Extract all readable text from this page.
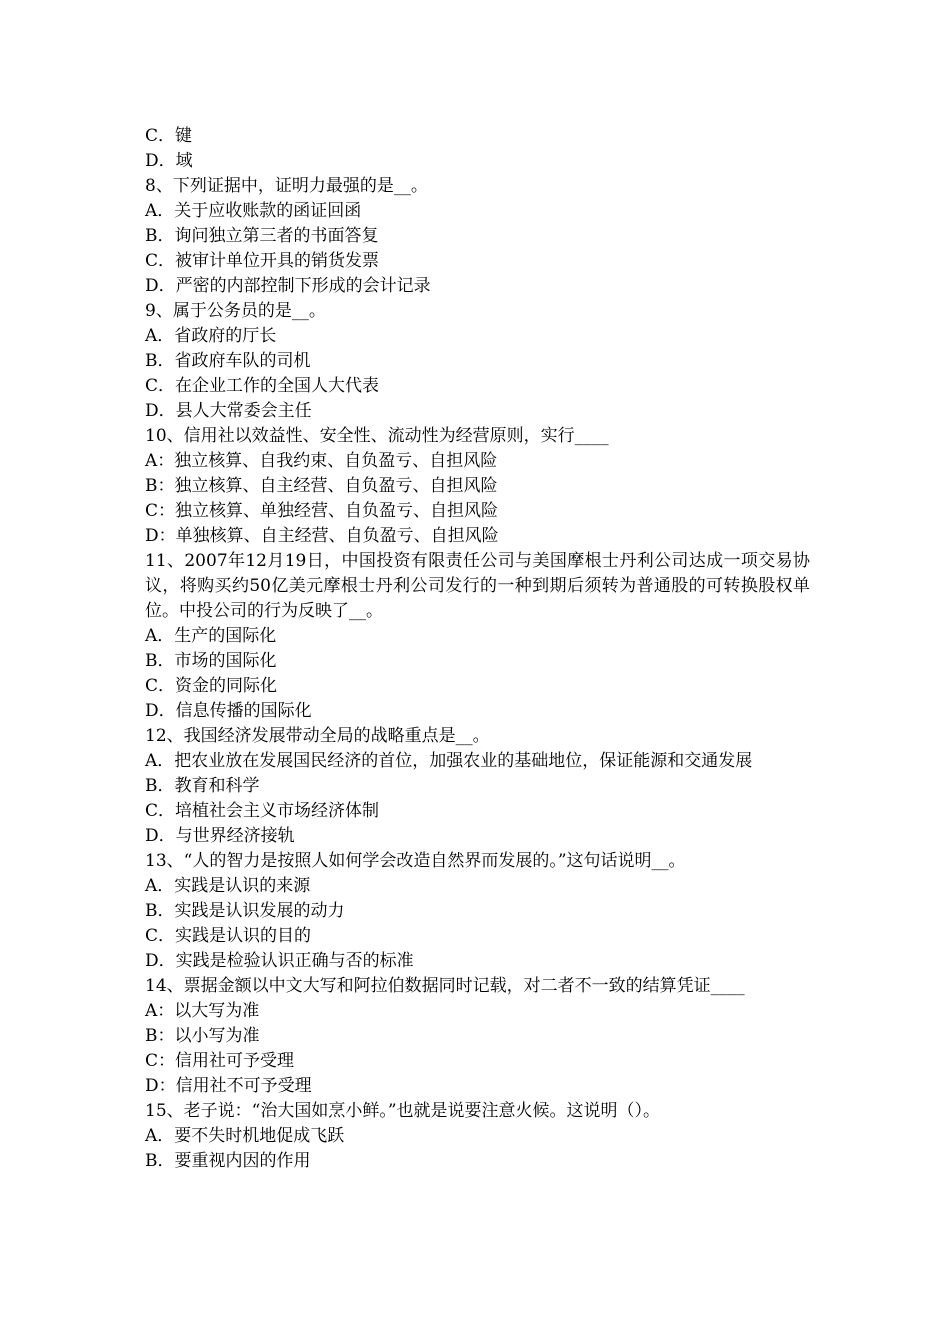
C．键
D．域
8、下列证据中，证明力最强的是__。
A．关于应收账款的函证回函
B．询问独立第三者的书面答复
C．被审计单位开具的销货发票
D．严密的内部控制下形成的会计记录
9、属于公务员的是__。
A．省政府的厅长
B．省政府车队的司机
C．在企业工作的全国人大代表
D．县人大常委会主任
10、信用社以效益性、安全性、流动性为经营原则，实行____
A：独立核算、自我约束、自负盈亏、自担风险
B：独立核算、自主经营、自负盈亏、自担风险
C：独立核算、单独经营、自负盈亏、自担风险
D：单独核算、自主经营、自负盈亏、自担风险
11、2007年12月19日，中国投资有限责任公司与美国摩根士丹利公司达成一项交易协议，将购买约50亿美元摩根士丹利公司发行的一种到期后须转为普通股的可转换股权单位。中投公司的行为反映了__。
A．生产的国际化
B．市场的国际化
C．资金的同际化
D．信息传播的国际化
12、我国经济发展带动全局的战略重点是__。
A．把农业放在发展国民经济的首位，加强农业的基础地位，保证能源和交通发展
B．教育和科学
C．培植社会主义市场经济体制
D．与世界经济接轨
13、“人的智力是按照人如何学会改造自然界而发展的。”这句话说明__。
A．实践是认识的来源
B．实践是认识发展的动力
C．实践是认识的目的
D．实践是检验认识正确与否的标准
14、票据金额以中文大写和阿拉伯数据同时记载，对二者不一致的结算凭证____
A：以大写为准
B：以小写为准
C：信用社可予受理
D：信用社不可予受理
15、老子说：“治大国如烹小鲜。”也就是说要注意火候。这说明（）。
A．要不失时机地促成飞跃
B．要重视内因的作用
